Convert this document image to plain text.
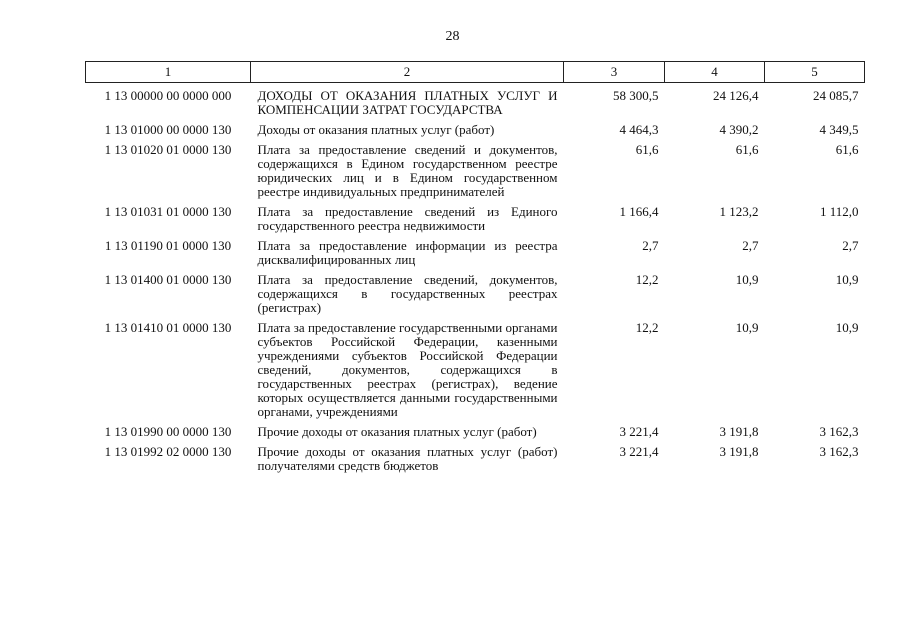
28
1	2	3	4	5
1 13 00000 00 0000 000	ДОХОДЫ ОТ ОКАЗАНИЯ ПЛАТНЫХ УСЛУГ И КОМПЕНСАЦИИ ЗАТРАТ ГОСУДАРСТВА	58 300,5	24 126,4	24 085,7
1 13 01000 00 0000 130	Доходы от оказания платных услуг (работ)	4 464,3	4 390,2	4 349,5
1 13 01020 01 0000 130	Плата за предоставление сведений и документов, содержащихся в Едином государственном реестре юридических лиц и в Едином государственном реестре индивидуальных предпринимателей	61,6	61,6	61,6
1 13 01031 01 0000 130	Плата за предоставление сведений из Единого государственного реестра недвижимости	1 166,4	1 123,2	1 112,0
1 13 01190 01 0000 130	Плата за предоставление информации из реестра дисквалифицированных лиц	2,7	2,7	2,7
1 13 01400 01 0000 130	Плата за предоставление сведений, документов, содержащихся в государственных реестрах (регистрах)	12,2	10,9	10,9
1 13 01410 01 0000 130	Плата за предоставление государственными органами субъектов Российской Федерации, казенными учреждениями субъектов Российской Федерации сведений, документов, содержащихся в государственных реестрах (регистрах), ведение которых осуществляется данными государственными органами, учреждениями	12,2	10,9	10,9
1 13 01990 00 0000 130	Прочие доходы от оказания платных услуг (работ)	3 221,4	3 191,8	3 162,3
1 13 01992 02 0000 130	Прочие доходы от оказания платных услуг (работ) получателями средств бюджетов	3 221,4	3 191,8	3 162,3
